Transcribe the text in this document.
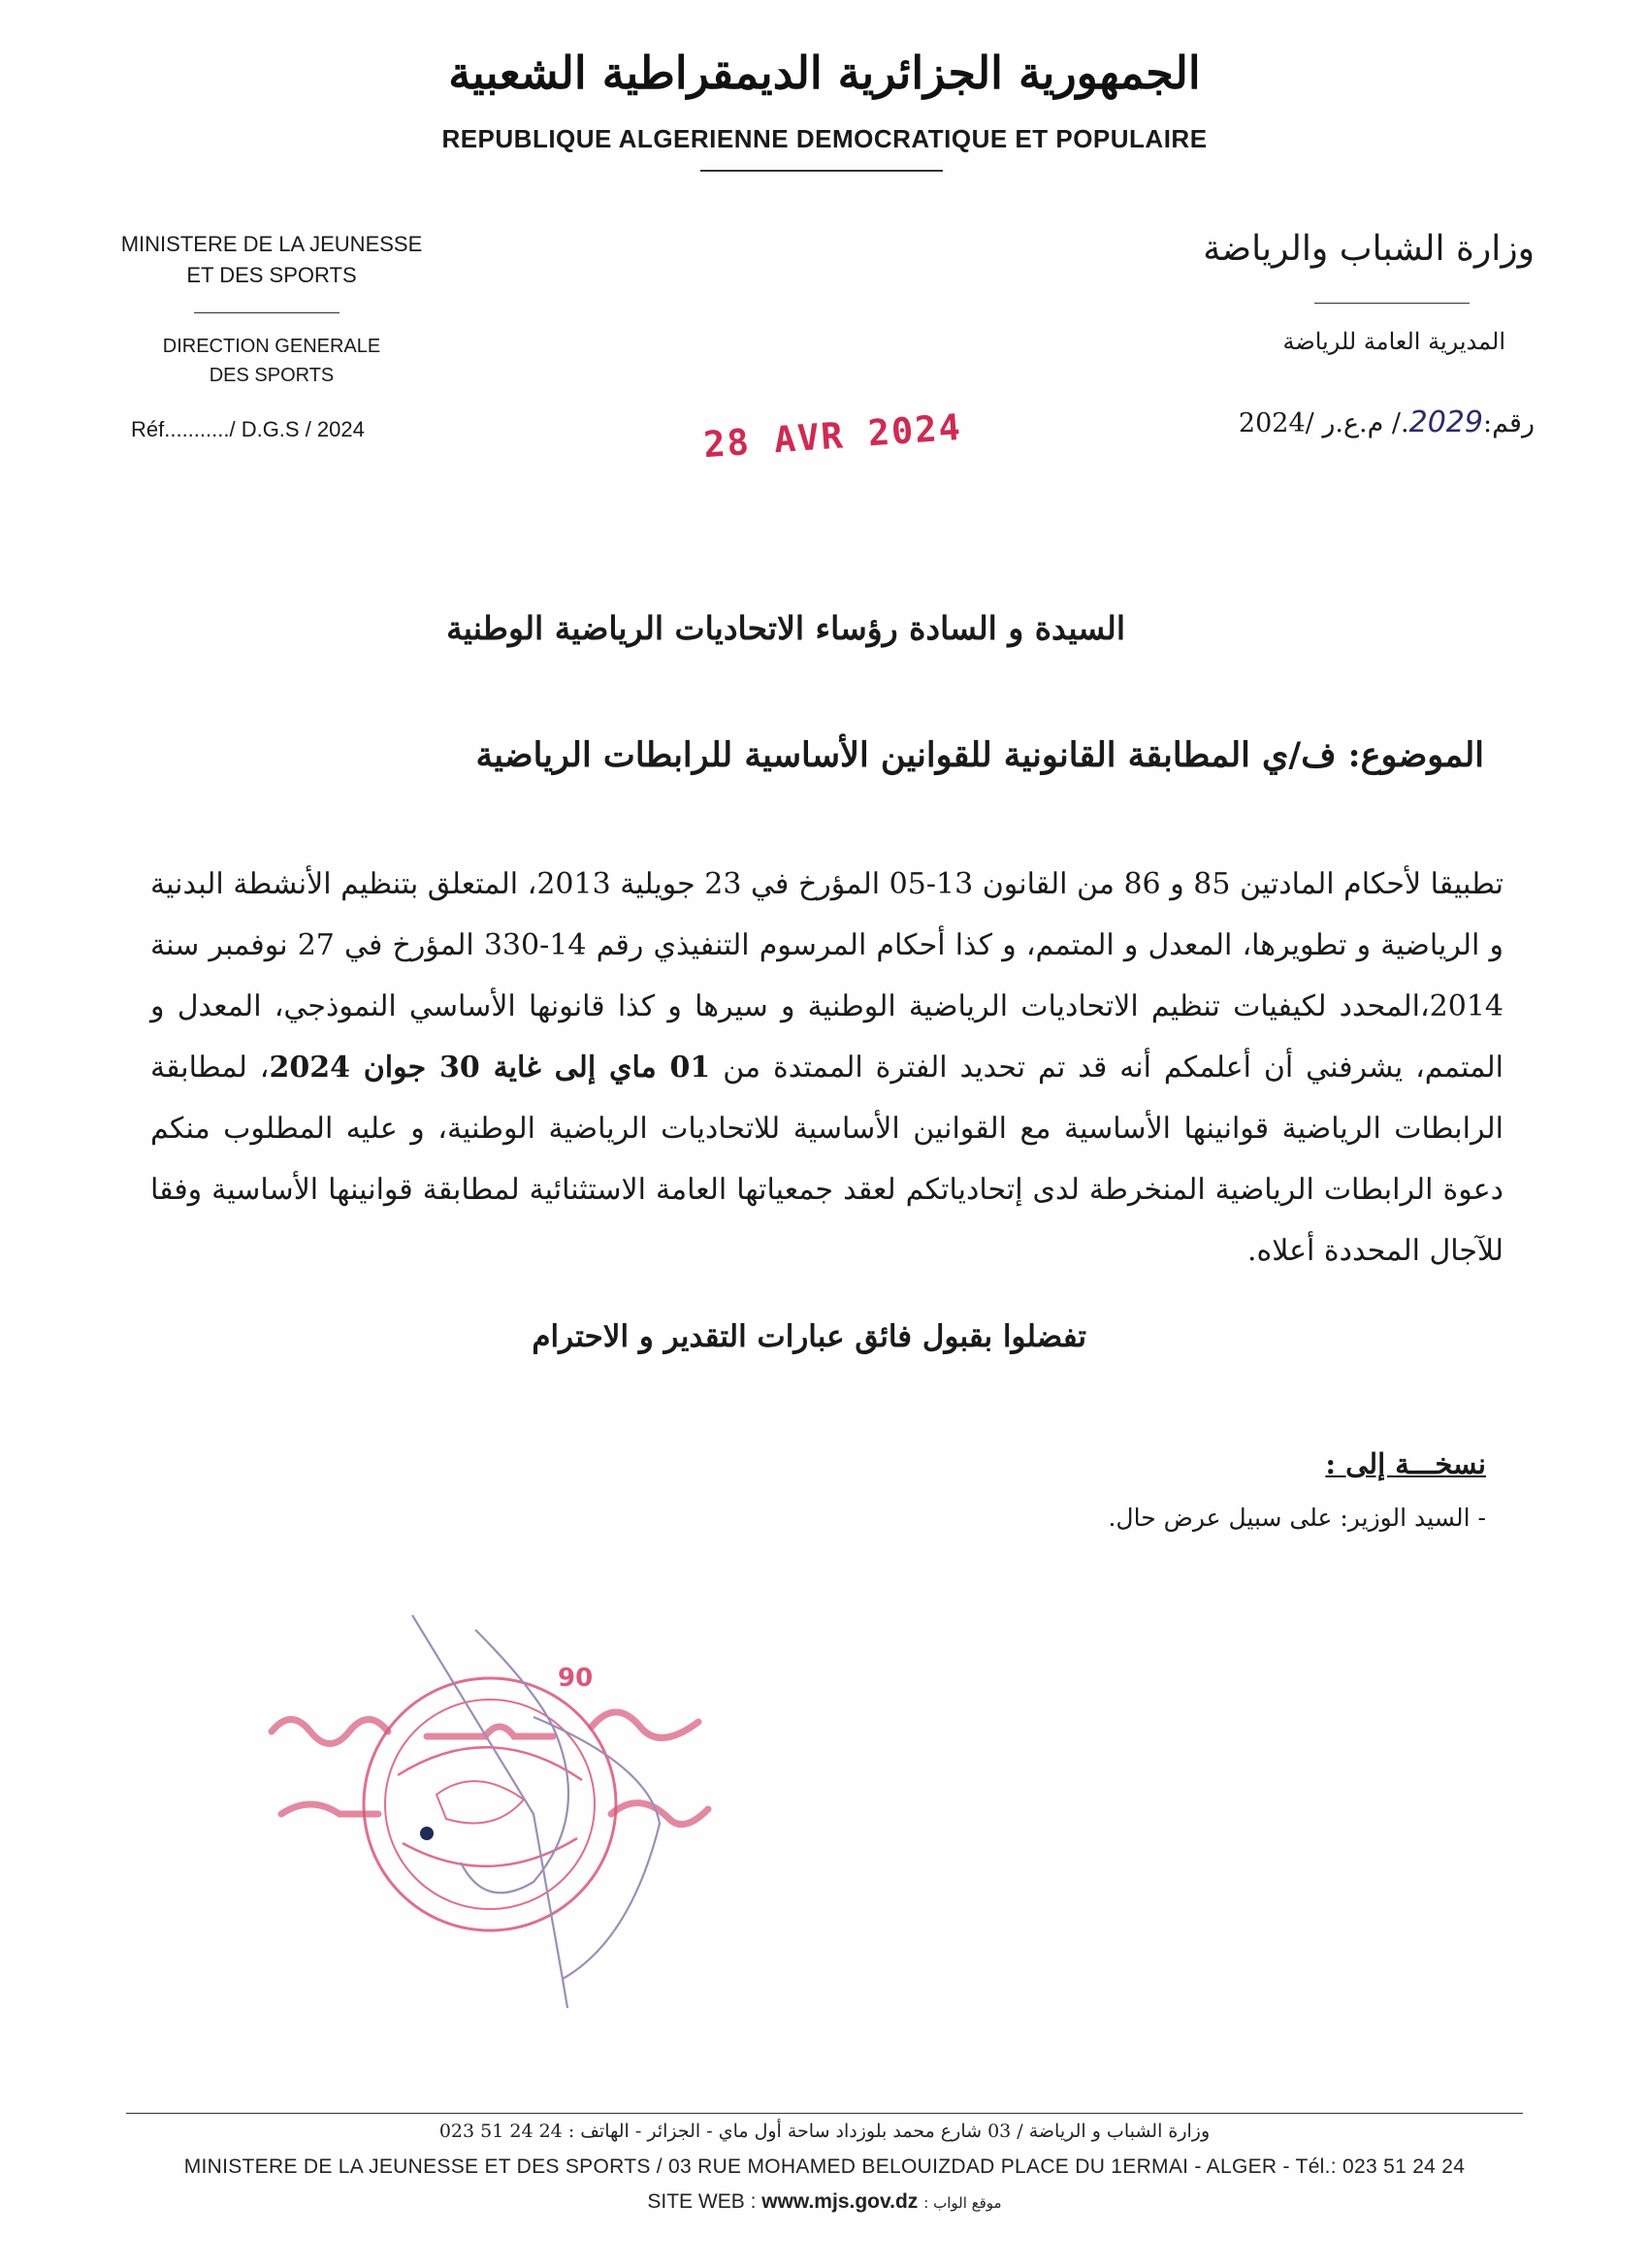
الجمهورية الجزائرية الديمقراطية الشعبية
REPUBLIQUE ALGERIENNE DEMOCRATIQUE ET POPULAIRE
MINISTERE DE LA JEUNESSE
ET DES SPORTS
DIRECTION GENERALE
DES SPORTS
Réf.........../ D.G.S / 2024
وزارة الشباب والرياضة
المديرية العامة للرياضة
رقم:2029./ م.ع.ر /2024
28 AVR 2024
السيدة و السادة رؤساء الاتحاديات الرياضية الوطنية
الموضوع: ف/ي المطابقة القانونية للقوانين الأساسية للرابطات الرياضية
تطبيقا لأحكام المادتين 85 و 86 من القانون 13-05 المؤرخ في 23 جويلية 2013، المتعلق بتنظيم الأنشطة البدنية و الرياضية و تطويرها، المعدل و المتمم، و كذا أحكام المرسوم التنفيذي رقم 14-330 المؤرخ في 27 نوفمبر سنة 2014،المحدد لكيفيات تنظيم الاتحاديات الرياضية الوطنية و سيرها و كذا قانونها الأساسي النموذجي، المعدل و المتمم، يشرفني أن أعلمكم أنه قد تم تحديد الفترة الممتدة من 01 ماي إلى غاية 30 جوان 2024، لمطابقة الرابطات الرياضية قوانينها الأساسية مع القوانين الأساسية للاتحاديات الرياضية الوطنية، و عليه المطلوب منكم دعوة الرابطات الرياضية المنخرطة لدى إتحادياتكم لعقد جمعياتها العامة الاستثنائية لمطابقة قوانينها الأساسية وفقا للآجال المحددة أعلاه.
تفضلوا بقبول فائق عبارات التقدير و الاحترام
نسخـــة إلى :
- السيد الوزير: على سبيل عرض حال.
90
وزارة الشباب و الرياضة / 03 شارع محمد بلوزداد ساحة أول ماي - الجزائر - الهاتف : 24 24 51 023
MINISTERE DE LA JEUNESSE ET DES SPORTS / 03 RUE MOHAMED BELOUIZDAD PLACE DU 1ERMAI - ALGER - Tél.: 023 51 24 24
SITE WEB : www.mjs.gov.dz : موقع الواب
